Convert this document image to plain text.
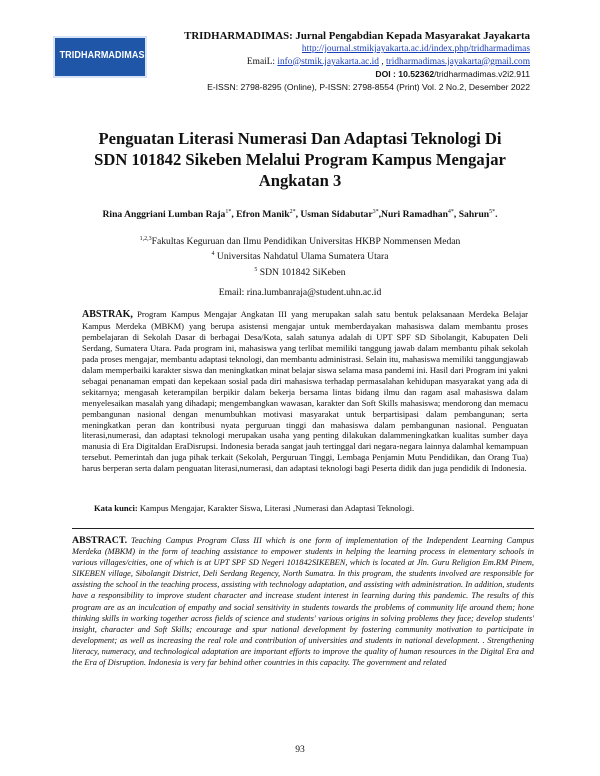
TRIDHARMADIMAS
TRIDHARMADIMAS: Jurnal Pengabdian Kepada Masyarakat Jayakarta
http://journal.stmikjayakarta.ac.id/index.php/tridharmadimas
EmaiL: info@stmik.jayakarta.ac.id , tridharmadimas.jayakarta@gmail.com
DOI : 10.52362/tridharmadimas.v2i2.911
E-ISSN: 2798-8295 (Online), P-ISSN: 2798-8554 (Print) Vol. 2 No.2, Desember 2022
Penguatan Literasi Numerasi Dan Adaptasi Teknologi Di
SDN 101842 Sikeben Melalui Program Kampus Mengajar
Angkatan 3
Rina Anggriani Lumban Raja$^{1*}$, Efron Manik$^{2*}$, Usman Sidabutar$^{3*}$,Nuri Ramadhan$^{4*}$, Sahrun$^{5*}$.
$^{1,2,3}$Fakultas Keguruan dan Ilmu Pendidikan Universitas HKBP Nommensen Medan
$^4$ Universitas Nahdatul Ulama Sumatera Utara
$^5$ SDN 101842 SiKeben
Email: rina.lumbanraja@student.uhn.ac.id
ABSTRAK, Program Kampus Mengajar Angkatan III yang merupakan salah satu bentuk pelaksanaan Merdeka Belajar Kampus Merdeka (MBKM) yang berupa asistensi mengajar untuk memberdayakan mahasiswa dalam membantu proses pembelajaran di Sekolah Dasar di berbagai Desa/Kota, salah satunya adalah di UPT SPF SD Sibolangit, Kabupaten Deli Serdang, Sumatera Utara. Pada program ini, mahasiswa yang terlibat memiliki tanggung jawab dalam membantu pihak sekolah pada proses mengajar, membantu adaptasi teknologi, dan membantu administrasi. Selain itu, mahasiswa memiliki tanggungjawab dalam memperbaiki karakter siswa dan meningkatkan minat belajar siswa selama masa pandemi ini. Hasil dari Program ini yakni sebagai penanaman empati dan kepekaan sosial pada diri mahasiswa terhadap permasalahan kehidupan masyarakat yang ada di sekitarnya; mengasah keterampilan berpikir dalam bekerja bersama lintas bidang ilmu dan ragam asal mahasiswa dalam menyelesaikan masalah yang dihadapi; mengembangkan wawasan, karakter dan Soft Skills mahasiswa; mendorong dan memacu pembangunan nasional dengan menumbuhkan motivasi masyarakat untuk berpartisipasi dalam pembangunan; serta meningkatkan peran dan kontribusi nyata perguruan tinggi dan mahasiswa dalam pembangunan nasional. Penguatan literasi,numerasi, dan adaptasi teknologi merupakan usaha yang penting dilakukan dalammeningkatkan kualitas sumber daya manusia di Era Digitaldan EraDisrupsi. Indonesia berada sangat jauh tertinggal dari negara-negara lainnya dalamhal kemampuan tersebut. Pemerintah dan juga pihak terkait (Sekolah, Perguruan Tinggi, Lembaga Penjamin Mutu Pendidikan, dan Orang Tua) harus berperan serta dalam penguatan literasi,numerasi, dan adaptasi teknologi bagi Peserta didik dan juga pendidik di Indonesia.
Kata kunci: Kampus Mengajar, Karakter Siswa, Literasi ,Numerasi dan Adaptasi Teknologi.
ABSTRACT. Teaching Campus Program Class III which is one form of implementation of the Independent Learning Campus Merdeka (MBKM) in the form of teaching assistance to empower students in helping the learning process in elementary schools in various villages/cities, one of which is at UPT SPF SD Negeri 101842SIKEBEN, which is located at Jln. Guru Religion Em.RM Pinem, SIKEBEN village, Sibolangit District, Deli Serdang Regency, North Sumatra. In this program, the students involved are responsible for assisting the school in the teaching process, assisting with technology adaptation, and assisting with administration. In addition, students have a responsibility to improve student character and increase student interest in learning during this pandemic. The results of this program are as an inculcation of empathy and social sensitivity in students towards the problems of community life around them; hone thinking skills in working together across fields of science and students' various origins in solving problems they face; develop students' insight, character and Soft Skills; encourage and spur national development by fostering community motivation to participate in development; as well as increasing the real role and contribution of universities and students in national development. . Strengthening literacy, numeracy, and technological adaptation are important efforts to improve the quality of human resources in the Digital Era and the Era of Disruption. Indonesia is very far behind other countries in this capacity. The government and related
93
